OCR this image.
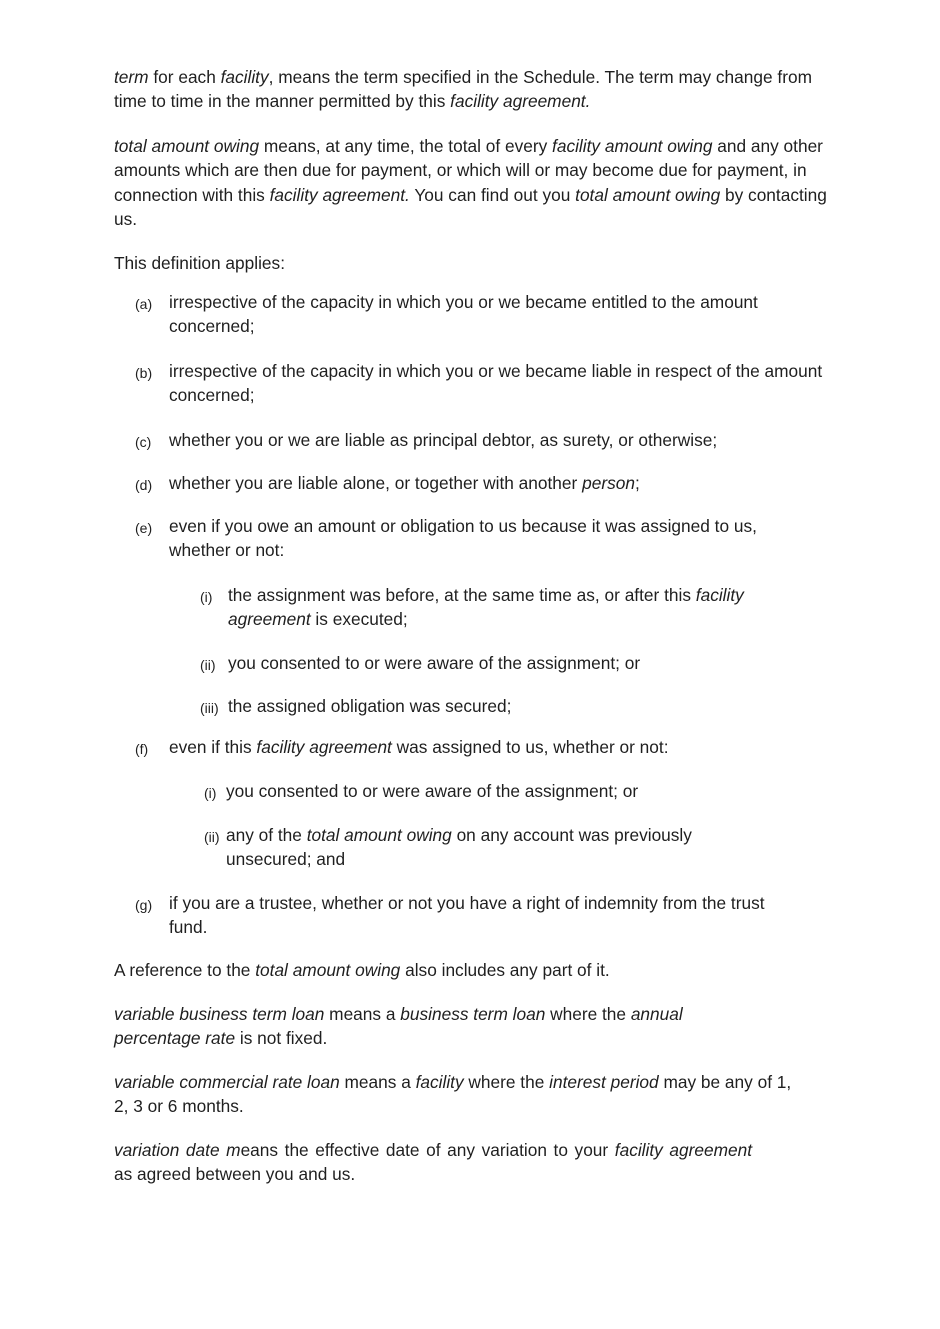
term for each facility, means the term specified in the Schedule. The term may change from time to time in the manner permitted by this facility agreement.

total amount owing means, at any time, the total of every facility amount owing and any other amounts which are then due for payment, or which will or may become due for payment, in connection with this facility agreement. You can find out you total amount owing by contacting us.

This definition applies:

(a) irrespective of the capacity in which you or we became entitled to the amount concerned;

(b) irrespective of the capacity in which you or we became liable in respect of the amount concerned;

(c) whether you or we are liable as principal debtor, as surety, or otherwise;

(d) whether you are liable alone, or together with another person;

(e) even if you owe an amount or obligation to us because it was assigned to us, whether or not:

(i) the assignment was before, at the same time as, or after this facility agreement is executed;

(ii) you consented to or were aware of the assignment; or

(iii) the assigned obligation was secured;

(f) even if this facility agreement was assigned to us, whether or not:

(i) you consented to or were aware of the assignment; or

(ii) any of the total amount owing on any account was previously unsecured; and

(g) if you are a trustee, whether or not you have a right of indemnity from the trust fund.

A reference to the total amount owing also includes any part of it.

variable business term loan means a business term loan where the annual percentage rate is not fixed.

variable commercial rate loan means a facility where the interest period may be any of 1, 2, 3 or 6 months.

variation date means the effective date of any variation to your facility agreement as agreed between you and us.
